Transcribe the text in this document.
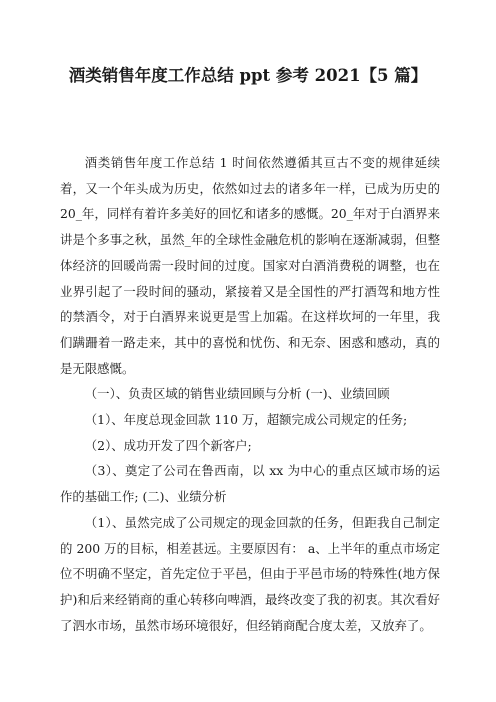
酒类销售年度工作总结 ppt 参考 2021【5 篇】

酒类销售年度工作总结 1 时间依然遵循其亘古不变的规律延续着，又一个年头成为历史，依然如过去的诸多年一样，已成为历史的 20_年，同样有着许多美好的回忆和诸多的感慨。20_年对于白酒界来讲是个多事之秋，虽然_年的全球性金融危机的影响在逐渐减弱，但整体经济的回暖尚需一段时间的过度。国家对白酒消费税的调整，也在业界引起了一段时间的骚动，紧接着又是全国性的严打酒驾和地方性的禁酒令，对于白酒界来说更是雪上加霜。在这样坎坷的一年里，我们蹒跚着一路走来，其中的喜悦和忧伤、和无奈、困惑和感动，真的是无限感慨。

（一）、负责区域的销售业绩回顾与分析 (一)、业绩回顾

（1）、年度总现金回款 110 万，超额完成公司规定的任务;

（2）、成功开发了四个新客户;

（3）、奠定了公司在鲁西南，以 xx 为中心的重点区域市场的运作的基础工作; (二)、业绩分析

（1）、虽然完成了公司规定的现金回款的任务，但距我自己制定的 200 万的目标，相差甚远。主要原因有： a、上半年的重点市场定位不明确不坚定，首先定位于平邑，但由于平邑市场的特殊性(地方保护)和后来经销商的重心转移向啤酒，最终改变了我的初衷。其次看好了泗水市场，虽然市场环境很好，但经销商配合度太差，又放弃了。
